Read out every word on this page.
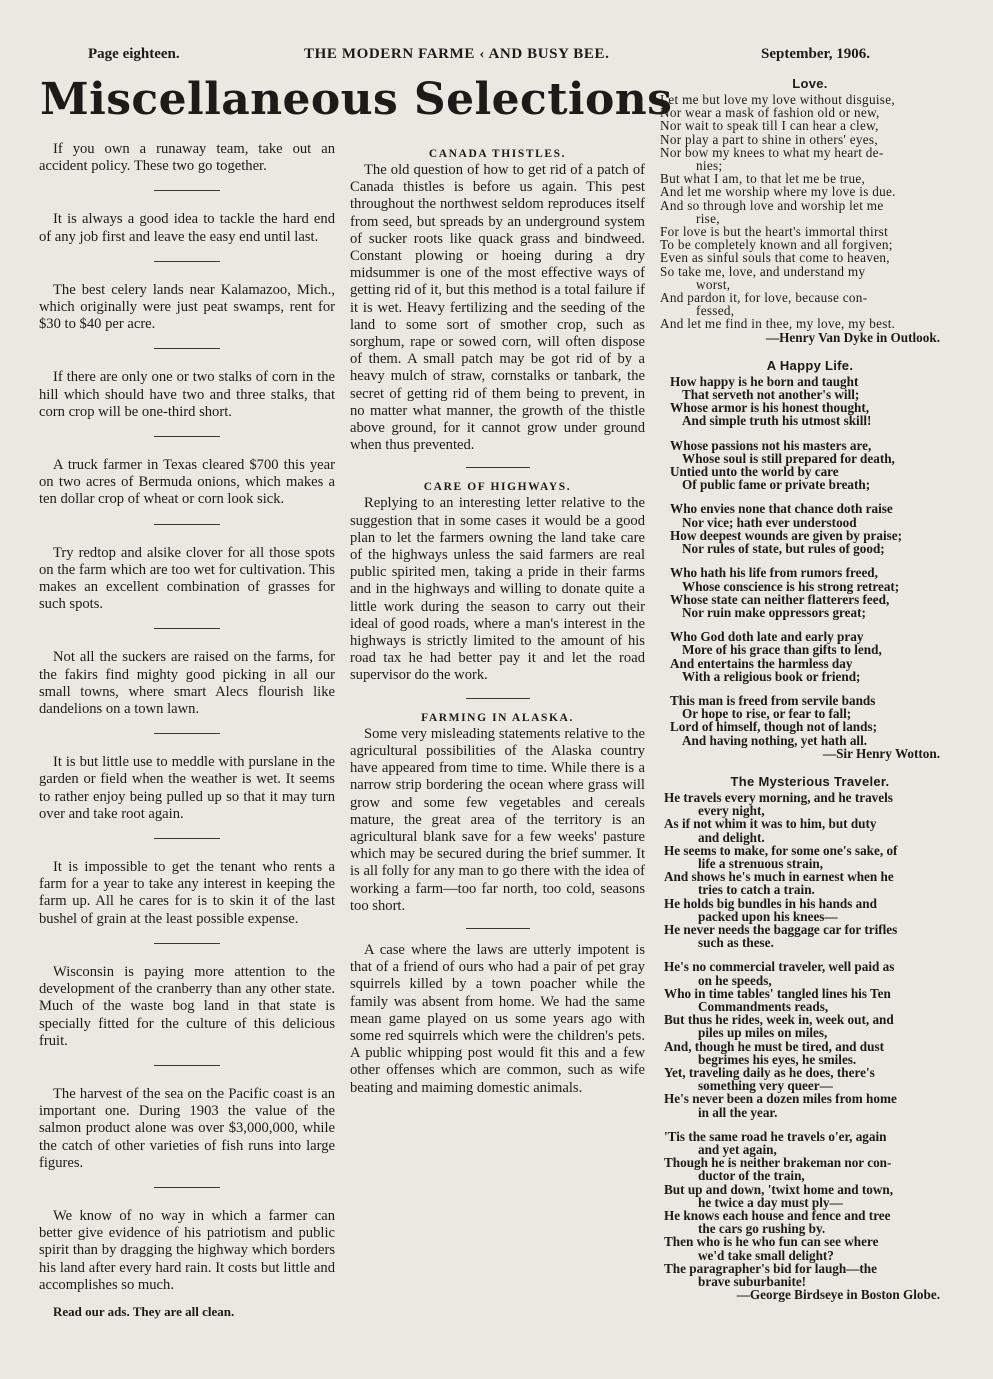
Page eighteen.	THE MODERN FARME ‹ AND BUSY BEE.	September, 1906.
Miscellaneous Selections

If you own a runaway team, take out an accident policy. These two go together.

It is always a good idea to tackle the hard end of any job first and leave the easy end until last.

The best celery lands near Kalamazoo, Mich., which originally were just peat swamps, rent for $30 to $40 per acre.

If there are only one or two stalks of corn in the hill which should have two and three stalks, that corn crop will be one-third short.

A truck farmer in Texas cleared $700 this year on two acres of Bermuda onions, which makes a ten dollar crop of wheat or corn look sick.

Try redtop and alsike clover for all those spots on the farm which are too wet for cultivation. This makes an excellent combination of grasses for such spots.

Not all the suckers are raised on the farms, for the fakirs find mighty good picking in all our small towns, where smart Alecs flourish like dandelions on a town lawn.

It is but little use to meddle with purslane in the garden or field when the weather is wet. It seems to rather enjoy being pulled up so that it may turn over and take root again.

It is impossible to get the tenant who rents a farm for a year to take any interest in keeping the farm up. All he cares for is to skin it of the last bushel of grain at the least possible expense.

Wisconsin is paying more attention to the development of the cranberry than any other state. Much of the waste bog land in that state is specially fitted for the culture of this delicious fruit.

The harvest of the sea on the Pacific coast is an important one. During 1903 the value of the salmon product alone was over $3,000,000, while the catch of other varieties of fish runs into large figures.

We know of no way in which a farmer can better give evidence of his patriotism and public spirit than by dragging the highway which borders his land after every hard rain. It costs but little and accomplishes so much.

Read our ads. They are all clean.
CANADA THISTLES.

The old question of how to get rid of a patch of Canada thistles is before us again. This pest throughout the northwest seldom reproduces itself from seed, but spreads by an underground system of sucker roots like quack grass and bindweed. Constant plowing or hoeing during a dry midsummer is one of the most effective ways of getting rid of it, but this method is a total failure if it is wet. Heavy fertilizing and the seeding of the land to some sort of smother crop, such as sorghum, rape or sowed corn, will often dispose of them. A small patch may be got rid of by a heavy mulch of straw, cornstalks or tanbark, the secret of getting rid of them being to prevent, in no matter what manner, the growth of the thistle above ground, for it cannot grow under ground when thus prevented.

CARE OF HIGHWAYS.

Replying to an interesting letter relative to the suggestion that in some cases it would be a good plan to let the farmers owning the land take care of the highways unless the said farmers are real public spirited men, taking a pride in their farms and in the highways and willing to donate quite a little work during the season to carry out their ideal of good roads, where a man's interest in the highways is strictly limited to the amount of his road tax he had better pay it and let the road supervisor do the work.

FARMING IN ALASKA.

Some very misleading statements relative to the agricultural possibilities of the Alaska country have appeared from time to time. While there is a narrow strip bordering the ocean where grass will grow and some few vegetables and cereals mature, the great area of the territory is an agricultural blank save for a few weeks' pasture which may be secured during the brief summer. It is all folly for any man to go there with the idea of working a farm—too far north, too cold, seasons too short.

A case where the laws are utterly impotent is that of a friend of ours who had a pair of pet gray squirrels killed by a town poacher while the family was absent from home. We had the same mean game played on us some years ago with some red squirrels which were the children's pets. A public whipping post would fit this and a few other offenses which are common, such as wife beating and maiming domestic animals.

Love.
Let me but love my love without disguise,
Nor wear a mask of fashion old or new,
Nor wait to speak till I can hear a clew,
Nor play a part to shine in others' eyes,
Nor bow my knees to what my heart de-
nies;
But what I am, to that let me be true,
And let me worship where my love is due.
And so through love and worship let me
rise,
For love is but the heart's immortal thirst
To be completely known and all forgiven;
Even as sinful souls that come to heaven,
So take me, love, and understand my
worst,
And pardon it, for love, because con-
fessed,
And let me find in thee, my love, my best.
—Henry Van Dyke in Outlook.
A Happy Life.
How happy is he born and taught
That serveth not another's will;
Whose armor is his honest thought,
And simple truth his utmost skill!
Whose passions not his masters are,
Whose soul is still prepared for death,
Untied unto the world by care
Of public fame or private breath;
Who envies none that chance doth raise
Nor vice; hath ever understood
How deepest wounds are given by praise;
Nor rules of state, but rules of good;
Who hath his life from rumors freed,
Whose conscience is his strong retreat;
Whose state can neither flatterers feed,
Nor ruin make oppressors great;
Who God doth late and early pray
More of his grace than gifts to lend,
And entertains the harmless day
With a religious book or friend;
This man is freed from servile bands
Or hope to rise, or fear to fall;
Lord of himself, though not of lands;
And having nothing, yet hath all.
—Sir Henry Wotton.
The Mysterious Traveler.
He travels every morning, and he travels
every night,
As if not whim it was to him, but duty
and delight.
He seems to make, for some one's sake, of
life a strenuous strain,
And shows he's much in earnest when he
tries to catch a train.
He holds big bundles in his hands and
packed upon his knees—
He never needs the baggage car for trifles
such as these.
He's no commercial traveler, well paid as
on he speeds,
Who in time tables' tangled lines his Ten
Commandments reads,
But thus he rides, week in, week out, and
piles up miles on miles,
And, though he must be tired, and dust
begrimes his eyes, he smiles.
Yet, traveling daily as he does, there's
something very queer—
He's never been a dozen miles from home
in all the year.
'Tis the same road he travels o'er, again
and yet again,
Though he is neither brakeman nor con-
ductor of the train,
But up and down, 'twixt home and town,
he twice a day must ply—
He knows each house and fence and tree
the cars go rushing by.
Then who is he who fun can see where
we'd take small delight?
The paragrapher's bid for laugh—the
brave suburbanite!
—George Birdseye in Boston Globe.
